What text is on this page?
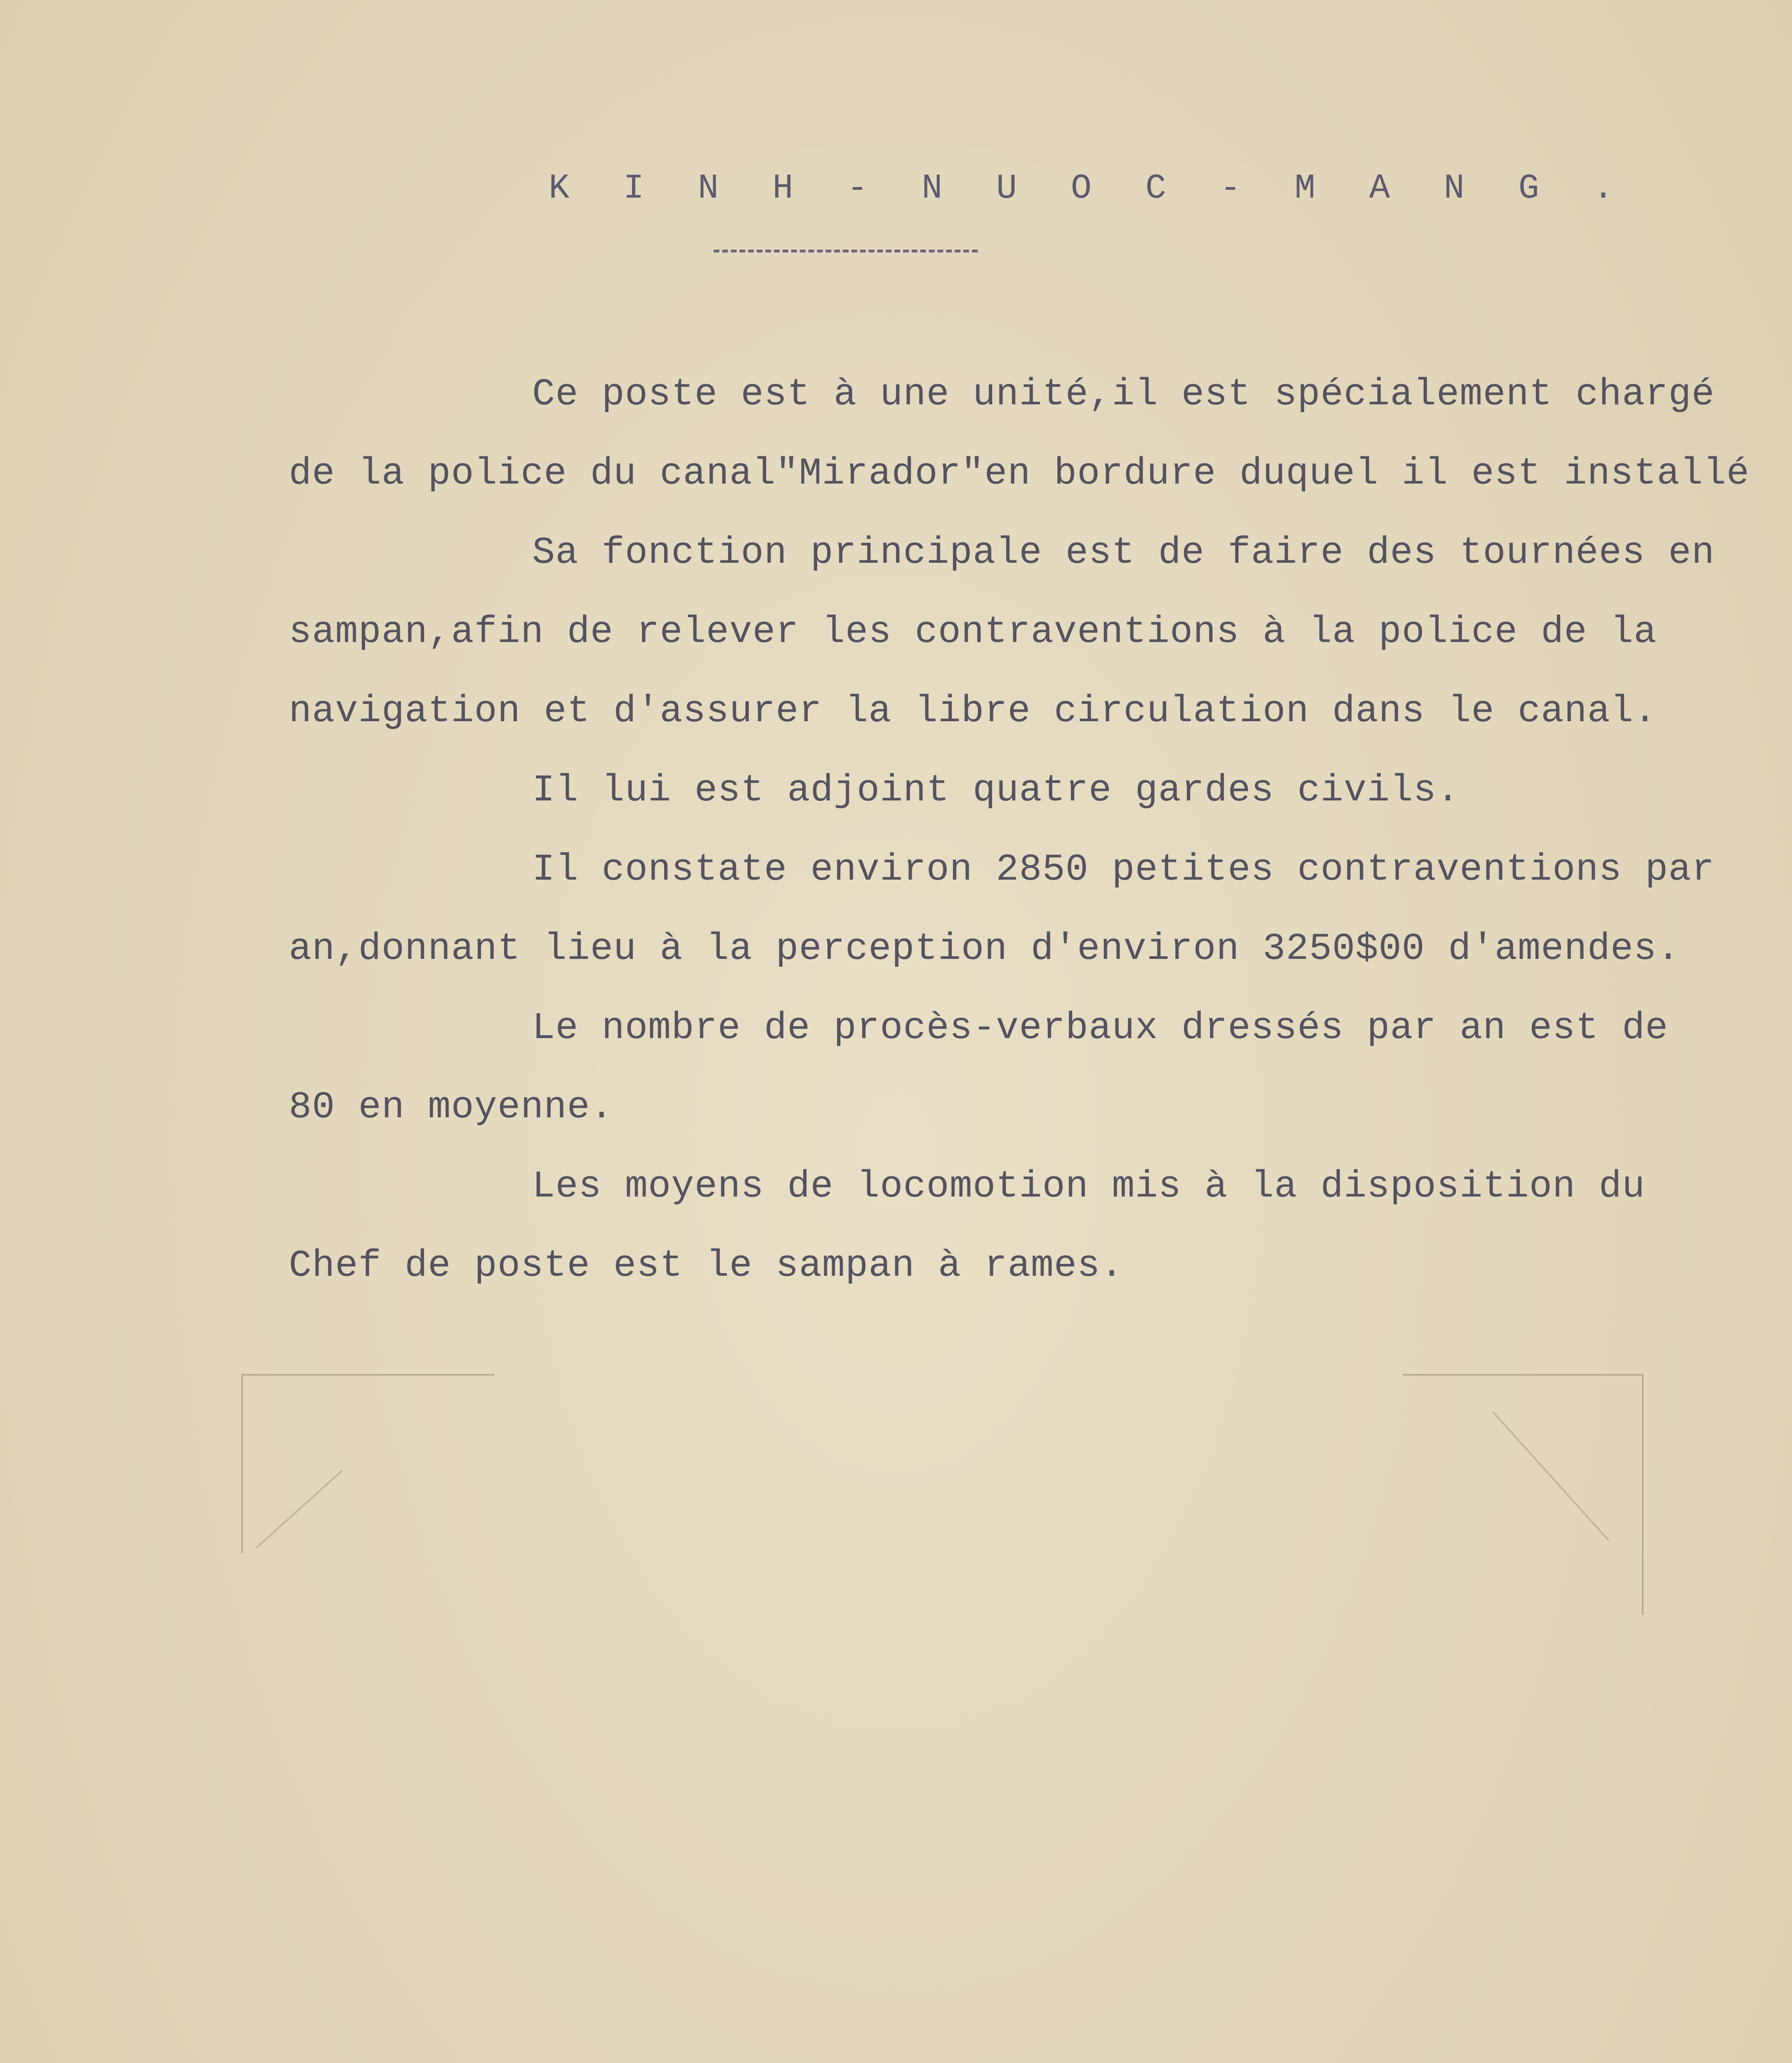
K I N H - N U O C - M A N G .
Ce poste est à une unité,il est spécialement chargé
de la police du canal"Mirador"en bordure duquel il est installé
Sa fonction principale est de faire des tournées en
sampan,afin de relever les contraventions à la police de la
navigation et d'assurer la libre circulation dans le canal.
Il lui est adjoint quatre gardes civils.
Il constate environ 2850 petites contraventions par
an,donnant lieu à la perception d'environ 3250$00 d'amendes.
Le nombre de procès-verbaux dressés par an est de
80 en moyenne.
Les moyens de locomotion mis à la disposition du
Chef de poste est le sampan à rames.
